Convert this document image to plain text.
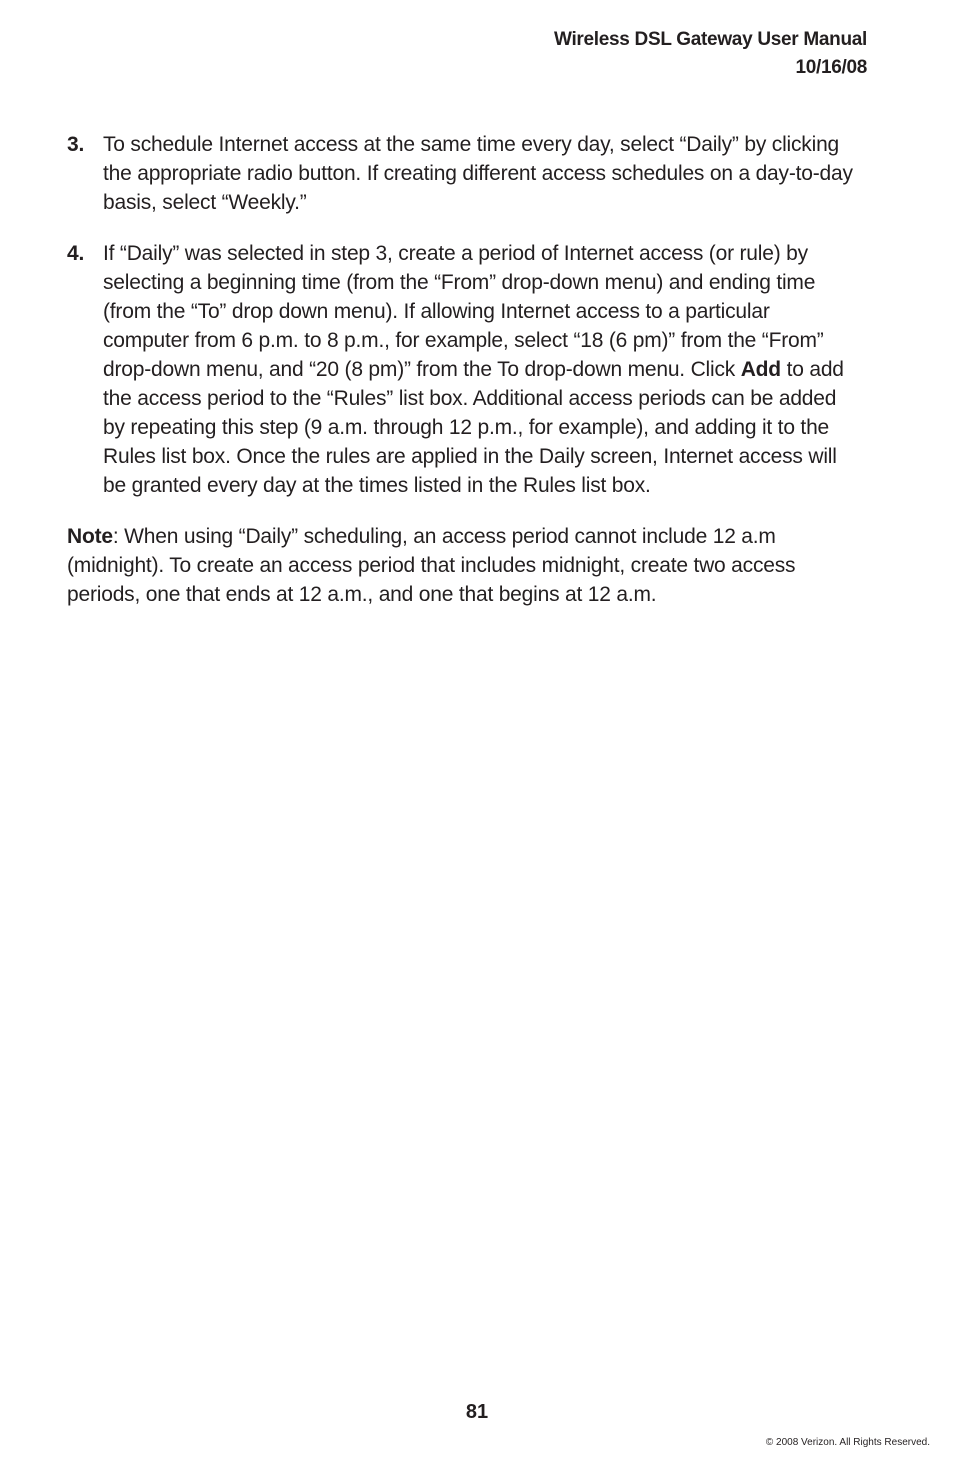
Wireless DSL Gateway User Manual
10/16/08
3. To schedule Internet access at the same time every day, select “Daily” by clicking the appropriate radio button. If creating different access schedules on a day-to-day basis, select “Weekly.”

4. If “Daily” was selected in step 3, create a period of Internet access (or rule) by selecting a beginning time (from the “From” drop-down menu) and ending time (from the “To” drop down menu). If allowing Internet access to a particular computer from 6 p.m. to 8 p.m., for example, select “18 (6 pm)” from the “From” drop-down menu, and “20 (8 pm)” from the To drop-down menu. Click Add to add the access period to the “Rules” list box. Additional access periods can be added by repeating this step (9 a.m. through 12 p.m., for example), and adding it to the Rules list box. Once the rules are applied in the Daily screen, Internet access will be granted every day at the times listed in the Rules list box.

Note: When using “Daily” scheduling, an access period cannot include 12 a.m (midnight). To create an access period that includes midnight, create two access periods, one that ends at 12 a.m., and one that begins at 12 a.m.

81
© 2008 Verizon. All Rights Reserved.
